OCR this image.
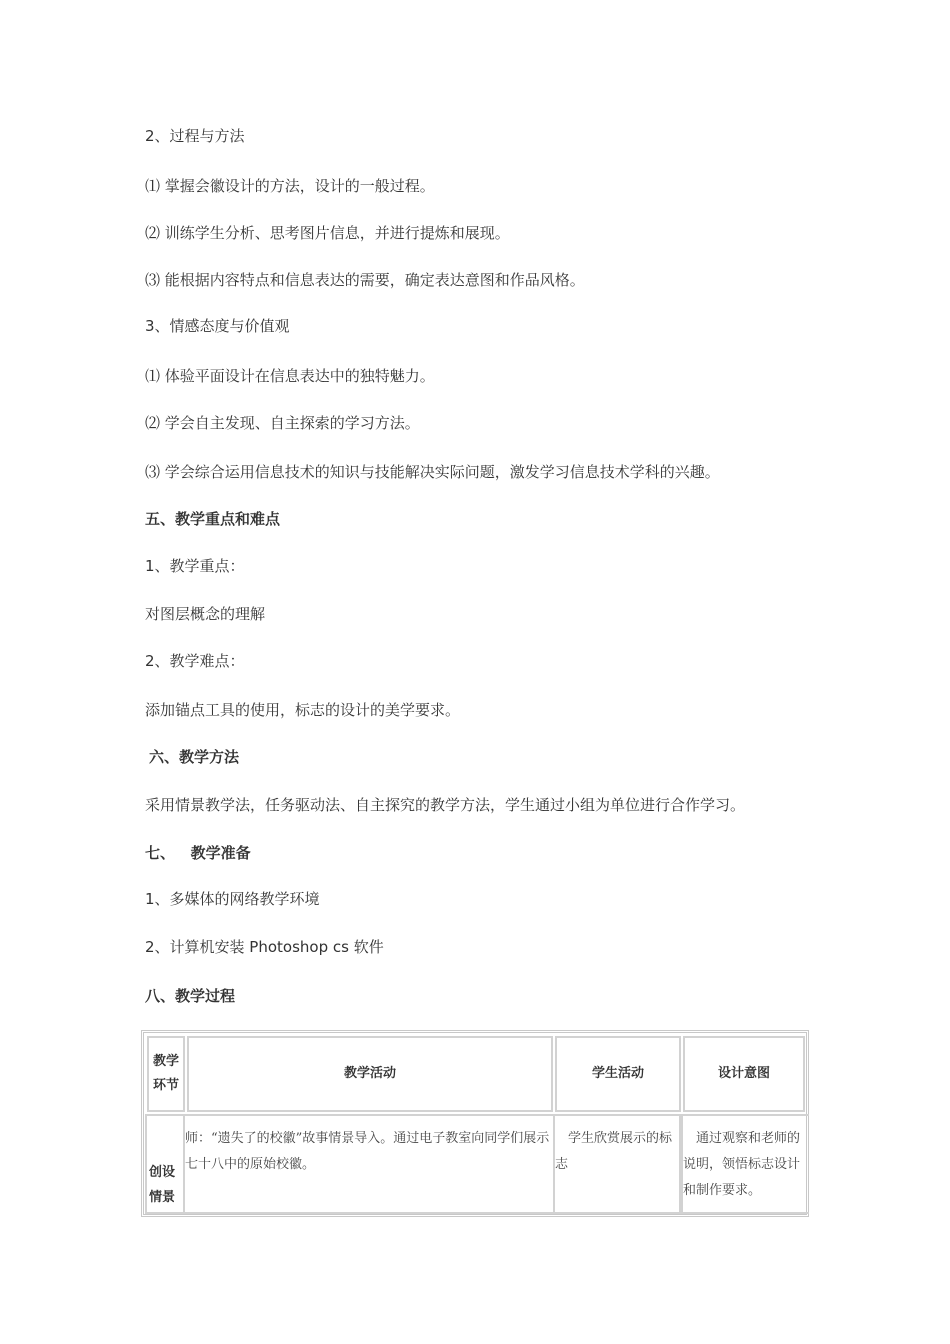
2、过程与方法
⑴ 掌握会徽设计的方法，设计的一般过程。
⑵ 训练学生分析、思考图片信息，并进行提炼和展现。
⑶ 能根据内容特点和信息表达的需要，确定表达意图和作品风格。
3、情感态度与价值观
⑴ 体验平面设计在信息表达中的独特魅力。
⑵ 学会自主发现、自主探索的学习方法。
⑶ 学会综合运用信息技术的知识与技能解决实际问题，激发学习信息技术学科的兴趣。
五、教学重点和难点
1、教学重点：
对图层概念的理解
2、教学难点：
添加锚点工具的使用，标志的设计的美学要求。
六、教学方法
采用情景教学法，任务驱动法、自主探究的教学方法，学生通过小组为单位进行合作学习。
七、   教学准备
1、多媒体的网络教学环境
2、计算机安装 Photoshop cs 软件
八、教学过程
教学环节
教学活动	学生活动	设计意图
创设情景
师：“遗失了的校徽”故事情景导入。通过电子教室向同学们展示七十八中的原始校徽。
　学生欣赏展示的标志
　通过观察和老师的说明，领悟标志设计和制作要求。
